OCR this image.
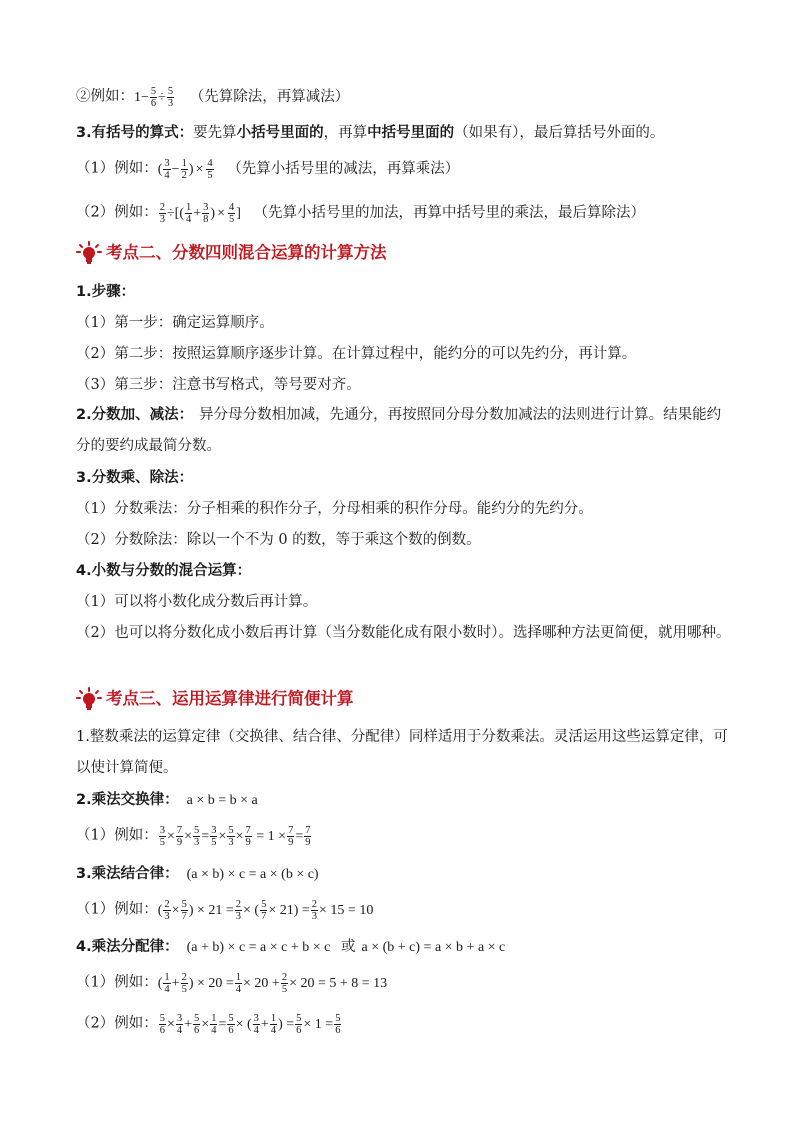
②例如：$1- \frac{5}{6} \div \frac{5}{3}$ （先算除法，再算减法）
3.有括号的算式：要先算小括号里面的，再算中括号里面的（如果有），最后算括号外面的。
（1）例如：( $\frac{3}{4} - \frac{1}{2}$ ) × $\frac{4}{5}$ （先算小括号里的减法，再算乘法）
（2）例如： $\frac{2}{3}$ ÷[( $\frac{1}{4} + \frac{3}{8}$ ) × $\frac{4}{5}$ ] （先算小括号里的加法，再算中括号里的乘法，最后算除法）
考点二、分数四则混合运算的计算方法
1.步骤：
（1）第一步：确定运算顺序。
（2）第二步：按照运算顺序逐步计算。在计算过程中，能约分的可以先约分，再计算。
（3）第三步：注意书写格式，等号要对齐。
2.分数加、减法： 异分母分数相加减，先通分，再按照同分母分数加减法的法则进行计算。结果能约分的要约成最简分数。
3.分数乘、除法：
（1）分数乘法：分子相乘的积作分子，分母相乘的积作分母。能约分的先约分。
（2）分数除法：除以一个不为 0 的数，等于乘这个数的倒数。
4.小数与分数的混合运算：
（1）可以将小数化成分数后再计算。
（2）也可以将分数化成小数后再计算（当分数能化成有限小数时）。选择哪种方法更简便，就用哪种。
考点三、运用运算律进行简便计算
1.整数乘法的运算定律（交换律、结合律、分配律）同样适用于分数乘法。灵活运用这些运算定律，可以使计算简便。
2.乘法交换律： a × b = b × a
（1）例如： $\frac{3}{5} \times \frac{7}{9} \times \frac{5}{3} = \frac{3}{5} \times \frac{5}{3} \times \frac{7}{9} = 1 \times \frac{7}{9} = \frac{7}{9}$
3.乘法结合律： (a × b) × c = a × (b × c)
（1）例如：( $\frac{2}{3} \times \frac{5}{7}$ ) × $21 = \frac{2}{3}$ × ( $\frac{5}{7} \times 21) = \frac{2}{3} \times 15 = 10$
4.乘法分配律： (a + b) × c = a × c + b × c 或 a × (b + c) = a × b + a × c
（1）例如：( $\frac{1}{4} + \frac{2}{5}$ ) × $20 = \frac{1}{4} \times 20 + \frac{2}{5} \times 20 = 5 + 8 = 13$
（2）例如： $\frac{5}{6} \times \frac{3}{4} + \frac{5}{6} \times \frac{1}{4} = \frac{5}{6}$ × ( $\frac{3}{4} + \frac{1}{4}$ ) = $\frac{5}{6} \times 1 = \frac{5}{6}$
